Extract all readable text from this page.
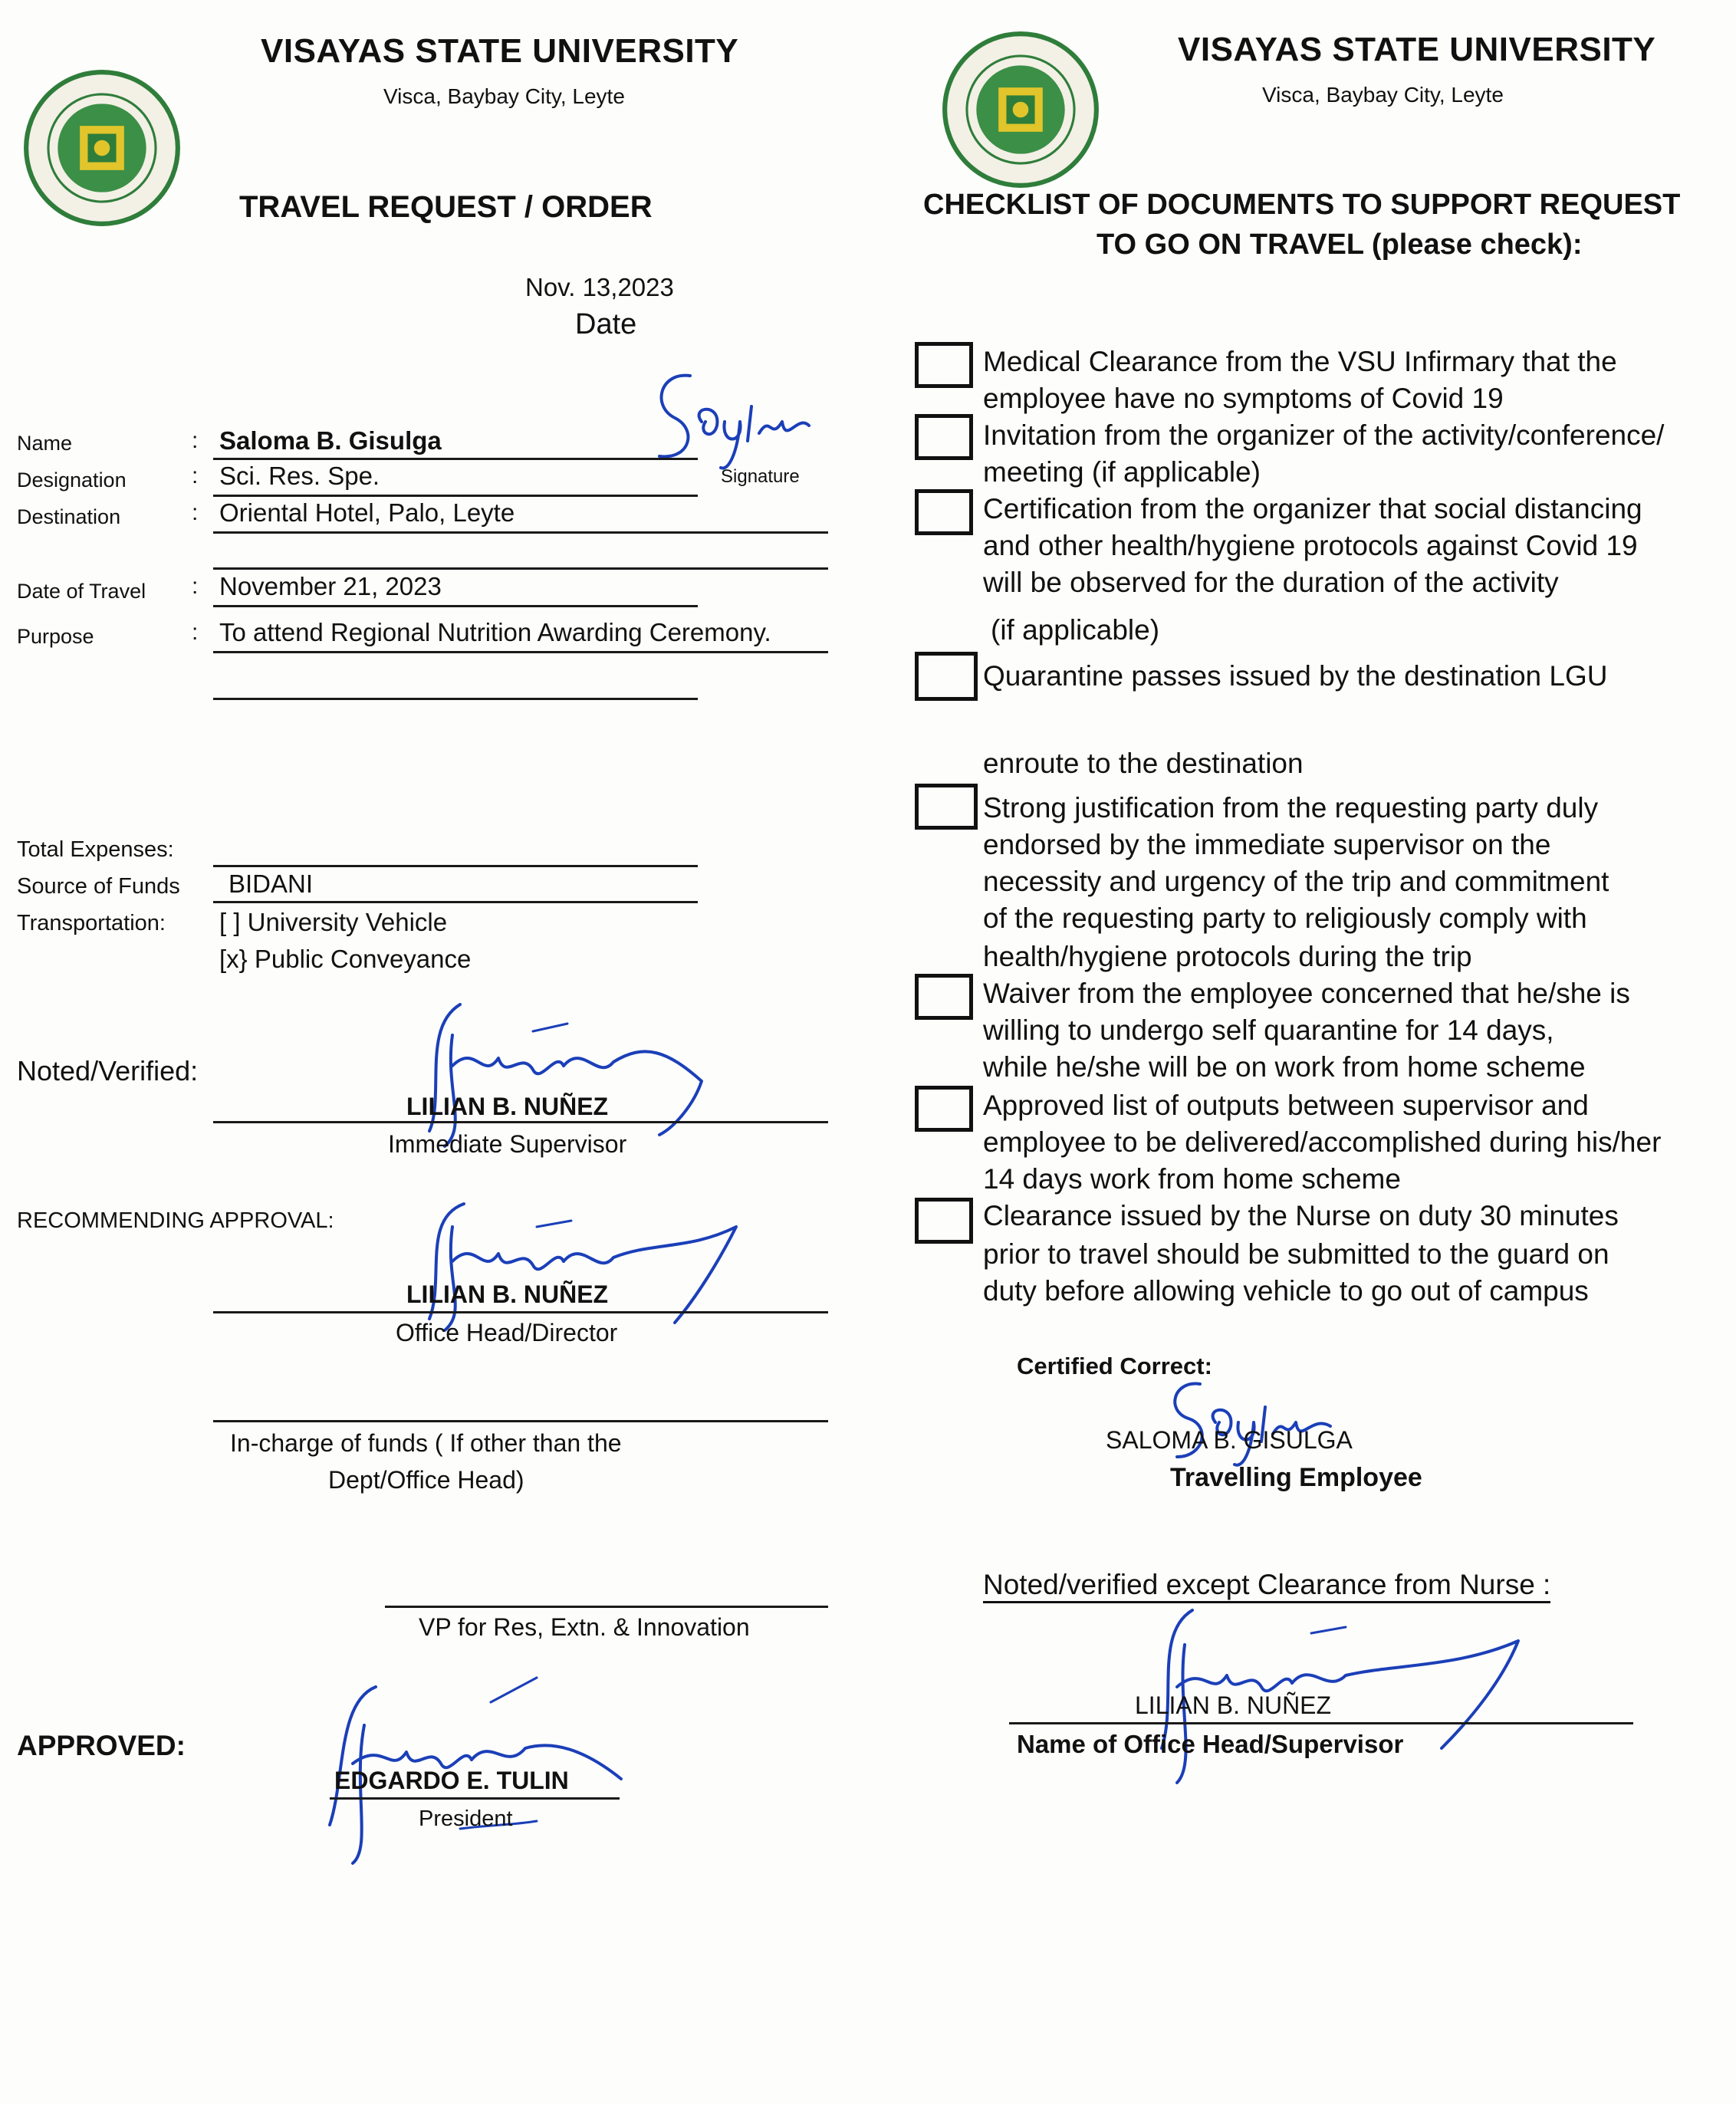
VISAYAS STATE UNIVERSITY
Visca, Baybay City, Leyte
TRAVEL REQUEST / ORDER
Nov. 13,2023
Date
Signature
Name	: Saloma B. Gisulga
Designation	: Sci. Res. Spe.
Destination	: Oriental Hotel, Palo, Leyte
Date of Travel : November 21, 2023
Purpose	: To attend Regional Nutrition Awarding Ceremony.
Total Expenses:
Source of Funds BIDANI
Transportation: [ ] University Vehicle
[x} Public Conveyance
Noted/Verified:
LILIAN B. NUÑEZ
Immediate Supervisor
RECOMMENDING APPROVAL:
LILIAN B. NUÑEZ
Office Head/Director
In-charge of funds ( If other than the
Dept/Office Head)
VP for Res, Extn. & Innovation
APPROVED:
EDGARDO E. TULIN
President
VISAYAS STATE UNIVERSITY
Visca, Baybay City, Leyte
CHECKLIST OF DOCUMENTS TO SUPPORT REQUEST
TO GO ON TRAVEL (please check):
Medical Clearance from the VSU Infirmary that the
employee have no symptoms of Covid 19
Invitation from the organizer of the activity/conference/
meeting (if applicable)
Certification from the organizer that social distancing
and other health/hygiene protocols against Covid 19
will be observed for the duration of the activity
(if applicable)
Quarantine passes issued by the destination LGU
enroute to the destination
Strong justification from the requesting party duly
endorsed by the immediate supervisor on the
necessity and urgency of the trip and commitment
of the requesting party to religiously comply with
health/hygiene protocols during the trip
Waiver from the employee concerned that he/she is
willing to undergo self quarantine for 14 days,
while he/she will be on work from home scheme
Approved list of outputs between supervisor and
employee to be delivered/accomplished during his/her
14 days work from home scheme
Clearance issued by the Nurse on duty 30 minutes
prior to travel should be submitted to the guard on
duty before allowing vehicle to go out of campus
Certified Correct:
SALOMA B. GISULGA
Travelling Employee
Noted/verified except Clearance from Nurse :
LILIAN B. NUÑEZ
Name of Office Head/Supervisor
